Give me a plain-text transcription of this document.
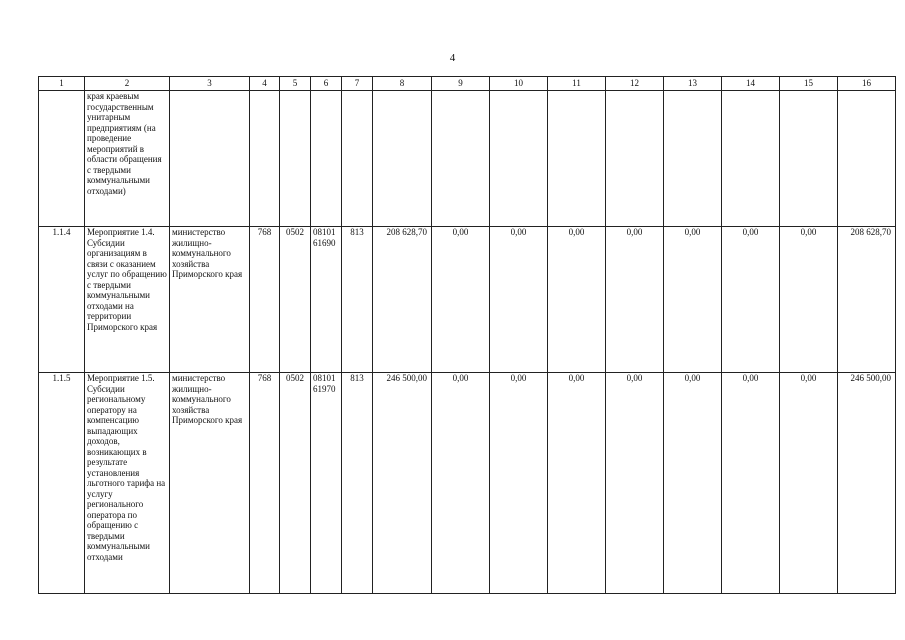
4
1	2	3	4	5	6	7	8	9	10	11	12	13	14	15	16
	края краевым государственным унитарным предприятиям (на проведение мероприятий в области обращения с твердыми коммунальными отходами)														
1.1.4	Мероприятие 1.4. Субсидии организациям в связи с оказанием услуг по обращению с твердыми коммунальными отходами на территории Приморского края	министерство жилищно-коммунального хозяйства Приморского края	768	0502	08101 61690	813	208 628,70	0,00	0,00	0,00	0,00	0,00	0,00	0,00	208 628,70
1.1.5	Мероприятие 1.5. Субсидии региональному оператору на компенсацию выпадающих доходов, возникающих в результате установления льготного тарифа на услугу регионального оператора по обращению с твердыми коммунальными отходами	министерство жилищно-коммунального хозяйства Приморского края	768	0502	08101 61970	813	246 500,00	0,00	0,00	0,00	0,00	0,00	0,00	0,00	246 500,00
